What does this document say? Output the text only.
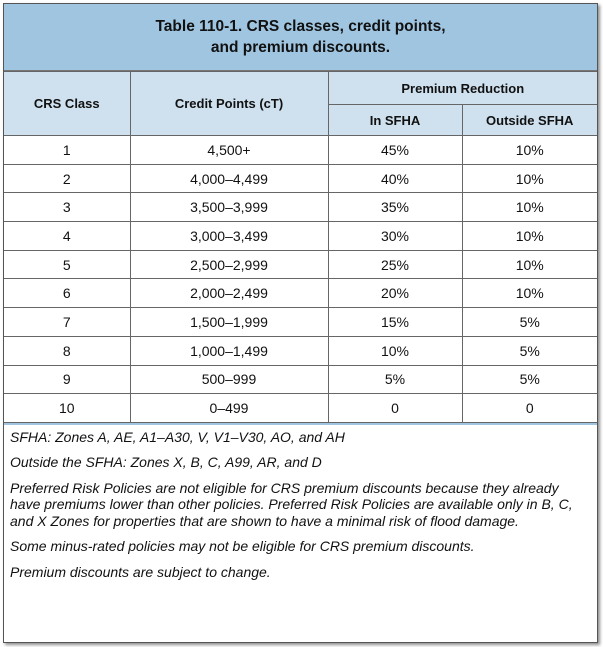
Table 110-1. CRS classes, credit points,
and premium discounts.
CRS Class	Credit Points (cT)	Premium Reduction	
		In SFHA	Outside SFHA
1	4,500+	45%	10%
2	4,000–4,499	40%	10%
3	3,500–3,999	35%	10%
4	3,000–3,499	30%	10%
5	2,500–2,999	25%	10%
6	2,000–2,499	20%	10%
7	1,500–1,999	15%	5%
8	1,000–1,499	10%	5%
9	500–999	5%	5%
10	0–499	0	0

SFHA: Zones A, AE, A1–A30, V, V1–V30, AO, and AH

Outside the SFHA: Zones X, B, C, A99, AR, and D

Preferred Risk Policies are not eligible for CRS premium discounts because they already have premiums lower than other policies. Preferred Risk Policies are available only in B, C, and X Zones for properties that are shown to have a minimal risk of flood damage.

Some minus-rated policies may not be eligible for CRS premium discounts.

Premium discounts are subject to change.
